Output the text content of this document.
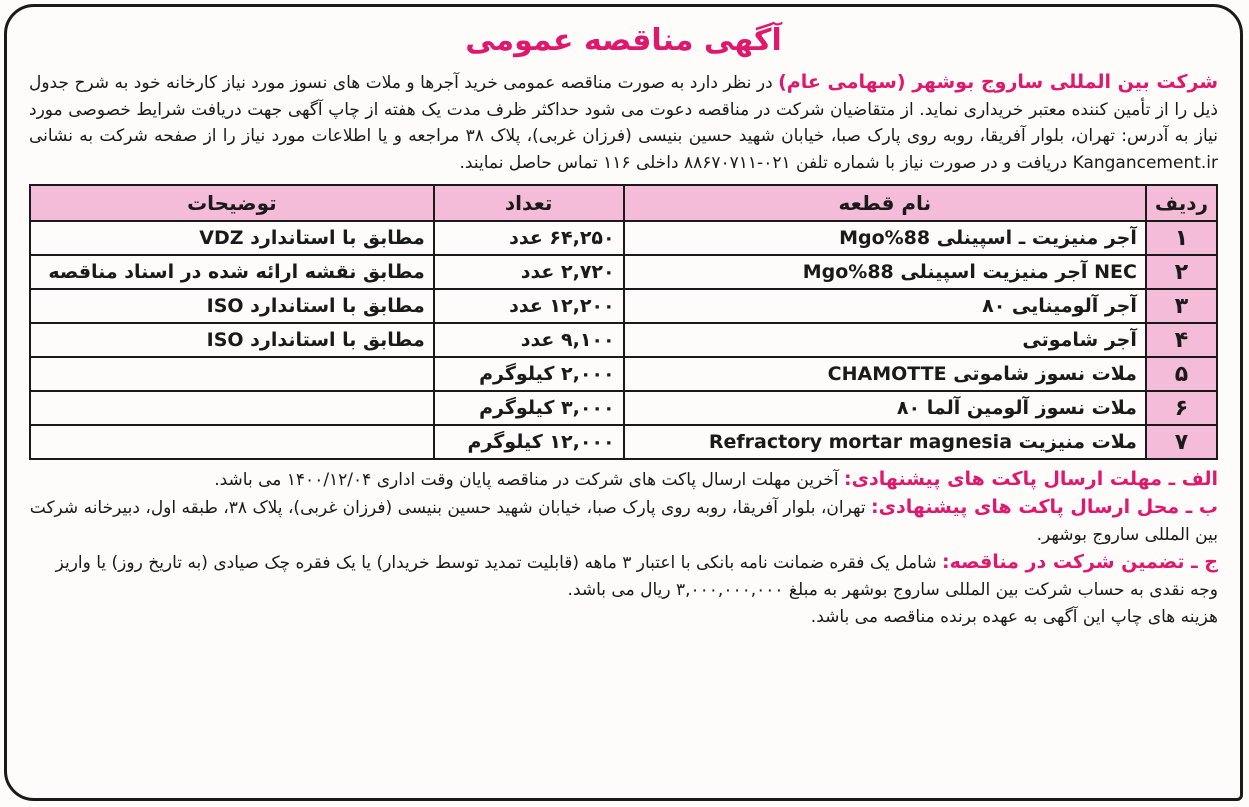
آگهی مناقصه عمومی

شرکت بین المللی ساروج بوشهر (سهامی عام) در نظر دارد به صورت مناقصه عمومی خرید آجرها و ملات های نسوز مورد نیاز کارخانه خود به شرح جدول ذیل را از تأمین کننده معتبر خریداری نماید. از متقاضیان شرکت در مناقصه دعوت می شود حداکثر ظرف مدت یک هفته از چاپ آگهی جهت دریافت شرایط خصوصی مورد نیاز به آدرس: تهران، بلوار آفریقا، روبه روی پارک صبا، خیابان شهید حسین بنیسی (فرزان غربی)، پلاک ۳۸ مراجعه و یا اطلاعات مورد نیاز را از صفحه شرکت به نشانی Kangancement.ir دریافت و در صورت نیاز با شماره تلفن ۰۲۱-۸۸۶۷۰۷۱۱ داخلی ۱۱۶ تماس حاصل نمایند.

ردیف	نام قطعه	تعداد	توضیحات
۱	آجر منیزیت ـ اسپینلی Mgo%88	۶۴,۲۵۰ عدد	مطابق با استاندارد VDZ
۲	NEC آجر منیزیت اسپینلی Mgo%88	۲,۷۲۰ عدد	مطابق نقشه ارائه شده در اسناد مناقصه
۳	آجر آلومینایی ۸۰	۱۲,۲۰۰ عدد	مطابق با استاندارد ISO
۴	آجر شاموتی	۹,۱۰۰ عدد	مطابق با استاندارد ISO
۵	ملات نسوز شاموتی CHAMOTTE	۲,۰۰۰ کیلوگرم	
۶	ملات نسوز آلومین آلما ۸۰	۳,۰۰۰ کیلوگرم	
۷	ملات منیزیت Refractory mortar magnesia	۱۲,۰۰۰ کیلوگرم	

الف ـ مهلت ارسال پاکت های پیشنهادی: آخرین مهلت ارسال پاکت های شرکت در مناقصه پایان وقت اداری ۱۴۰۰/۱۲/۰۴ می باشد.

ب ـ محل ارسال پاکت های پیشنهادی: تهران، بلوار آفریقا، روبه روی پارک صبا، خیابان شهید حسین بنیسی (فرزان غربی)، پلاک ۳۸، طبقه اول، دبیرخانه شرکت بین المللی ساروج بوشهر.

ج ـ تضمین شرکت در مناقصه: شامل یک فقره ضمانت نامه بانکی با اعتبار ۳ ماهه (قابلیت تمدید توسط خریدار) یا یک فقره چک صیادی (به تاریخ روز) یا واریز وجه نقدی به حساب شرکت بین المللی ساروج بوشهر به مبلغ ۳,۰۰۰,۰۰۰,۰۰۰ ریال می باشد.

هزینه های چاپ این آگهی به عهده برنده مناقصه می باشد.
